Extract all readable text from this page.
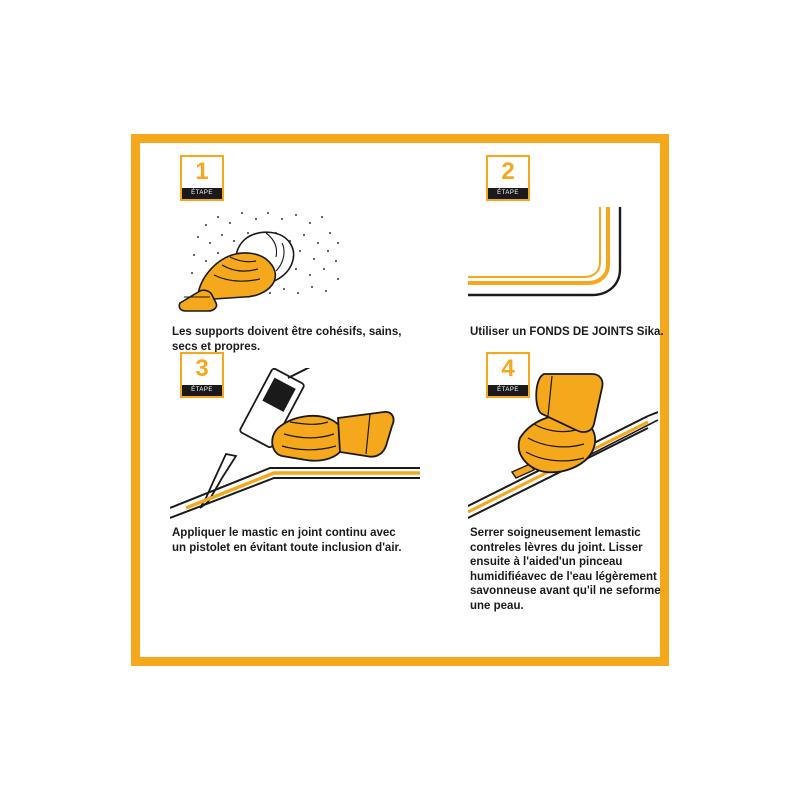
1
ÉTAPE
Les supports doivent être cohésifs, sains, secs et propres.
2
ÉTAPE
Utiliser un FONDS DE JOINTS Sika.
3
ÉTAPE
Appliquer le mastic en joint continu avec un pistolet en évitant toute inclusion d'air.
4
ÉTAPE
Serrer soigneusement lemastic contreles lèvres du joint. Lisser ensuite à l'aided'un pinceau humidifiéavec de l'eau légèrement savonneuse avant qu'il ne seforme une peau.
